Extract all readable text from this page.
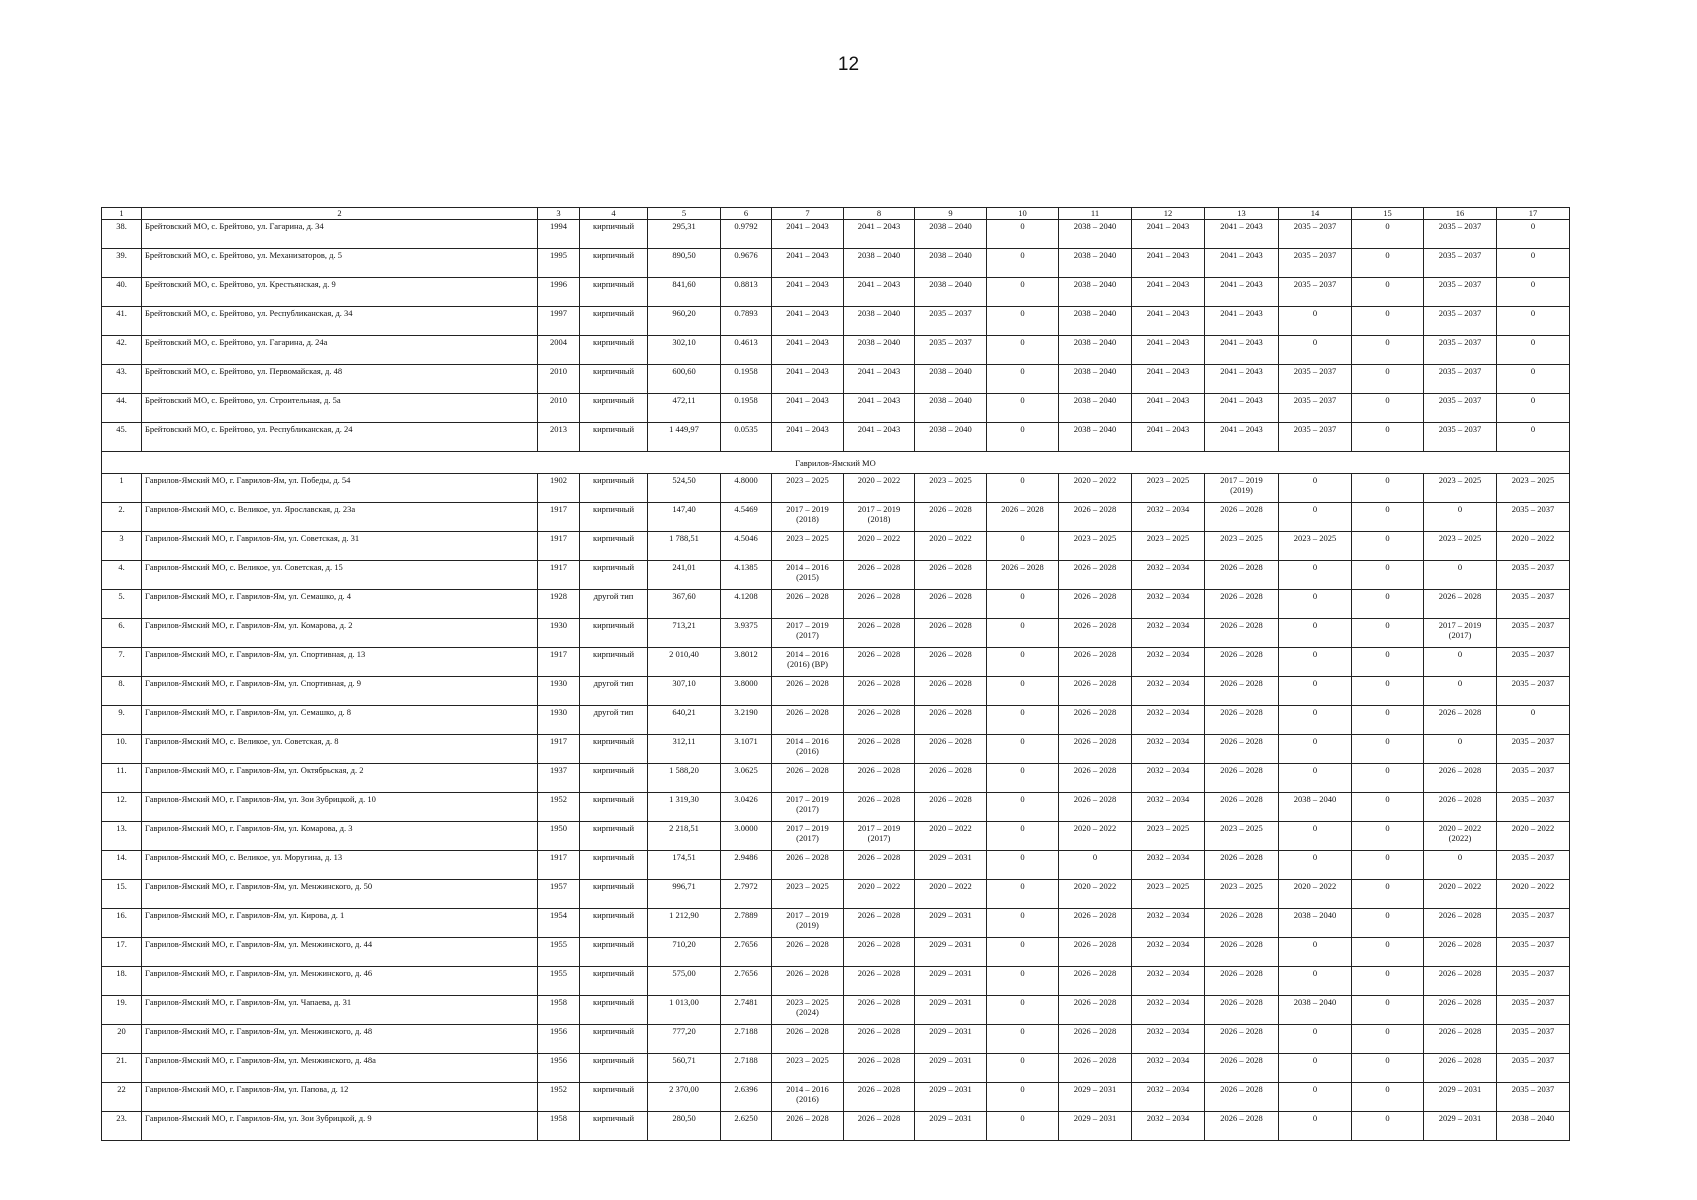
12
1	2	3	4	5	6	7	8	9	10	11	12	13	14	15	16	17
38.	Брейтовский МО, с. Брейтово, ул. Гагарина, д. 34	1994	кирпичный	295,31	0.9792	2041 – 2043	2041 – 2043	2038 – 2040	0	2038 – 2040	2041 – 2043	2041 – 2043	2035 – 2037	0	2035 – 2037	0
39.	Брейтовский МО, с. Брейтово, ул. Механизаторов, д. 5	1995	кирпичный	890,50	0.9676	2041 – 2043	2038 – 2040	2038 – 2040	0	2038 – 2040	2041 – 2043	2041 – 2043	2035 – 2037	0	2035 – 2037	0
40.	Брейтовский МО, с. Брейтово, ул. Крестьянская, д. 9	1996	кирпичный	841,60	0.8813	2041 – 2043	2041 – 2043	2038 – 2040	0	2038 – 2040	2041 – 2043	2041 – 2043	2035 – 2037	0	2035 – 2037	0
41.	Брейтовский МО, с. Брейтово, ул. Республиканская, д. 34	1997	кирпичный	960,20	0.7893	2041 – 2043	2038 – 2040	2035 – 2037	0	2038 – 2040	2041 – 2043	2041 – 2043	0	0	2035 – 2037	0
42.	Брейтовский МО, с. Брейтово, ул. Гагарина, д. 24а	2004	кирпичный	302,10	0.4613	2041 – 2043	2038 – 2040	2035 – 2037	0	2038 – 2040	2041 – 2043	2041 – 2043	0	0	2035 – 2037	0
43.	Брейтовский МО, с. Брейтово, ул. Первомайская, д. 48	2010	кирпичный	600,60	0.1958	2041 – 2043	2041 – 2043	2038 – 2040	0	2038 – 2040	2041 – 2043	2041 – 2043	2035 – 2037	0	2035 – 2037	0
44.	Брейтовский МО, с. Брейтово, ул. Строительная, д. 5а	2010	кирпичный	472,11	0.1958	2041 – 2043	2041 – 2043	2038 – 2040	0	2038 – 2040	2041 – 2043	2041 – 2043	2035 – 2037	0	2035 – 2037	0
45.	Брейтовский МО, с. Брейтово, ул. Республиканская, д. 24	2013	кирпичный	1 449,97	0.0535	2041 – 2043	2041 – 2043	2038 – 2040	0	2038 – 2040	2041 – 2043	2041 – 2043	2035 – 2037	0	2035 – 2037	0
Гаврилов-Ямский МО																
1	Гаврилов-Ямский МО, г. Гаврилов-Ям, ул. Победы, д. 54	1902	кирпичный	524,50	4.8000	2023 – 2025	2020 – 2022	2023 – 2025	0	2020 – 2022	2023 – 2025	2017 – 2019 (2019)	0	0	2023 – 2025	2023 – 2025
2.	Гаврилов-Ямский МО, с. Великое, ул. Ярославская, д. 23а	1917	кирпичный	147,40	4.5469	2017 – 2019 (2018)	2017 – 2019 (2018)	2026 – 2028	2026 – 2028	2026 – 2028	2032 – 2034	2026 – 2028	0	0	0	2035 – 2037
3	Гаврилов-Ямский МО, г. Гаврилов-Ям, ул. Советская, д. 31	1917	кирпичный	1 788,51	4.5046	2023 – 2025	2020 – 2022	2020 – 2022	0	2023 – 2025	2023 – 2025	2023 – 2025	2023 – 2025	0	2023 – 2025	2020 – 2022
4.	Гаврилов-Ямский МО, с. Великое, ул. Советская, д. 15	1917	кирпичный	241,01	4.1385	2014 – 2016 (2015)	2026 – 2028	2026 – 2028	2026 – 2028	2026 – 2028	2032 – 2034	2026 – 2028	0	0	0	2035 – 2037
5.	Гаврилов-Ямский МО, г. Гаврилов-Ям, ул. Семашко, д. 4	1928	другой тип	367,60	4.1208	2026 – 2028	2026 – 2028	2026 – 2028	0	2026 – 2028	2032 – 2034	2026 – 2028	0	0	2026 – 2028	2035 – 2037
6.	Гаврилов-Ямский МО, г. Гаврилов-Ям, ул. Комарова, д. 2	1930	кирпичный	713,21	3.9375	2017 – 2019 (2017)	2026 – 2028	2026 – 2028	0	2026 – 2028	2032 – 2034	2026 – 2028	0	0	2017 – 2019 (2017)	2035 – 2037
7.	Гаврилов-Ямский МО, г. Гаврилов-Ям, ул. Спортивная, д. 13	1917	кирпичный	2 010,40	3.8012	2014 – 2016 (2016) (ВР)	2026 – 2028	2026 – 2028	0	2026 – 2028	2032 – 2034	2026 – 2028	0	0	0	2035 – 2037
8.	Гаврилов-Ямский МО, г. Гаврилов-Ям, ул. Спортивная, д. 9	1930	другой тип	307,10	3.8000	2026 – 2028	2026 – 2028	2026 – 2028	0	2026 – 2028	2032 – 2034	2026 – 2028	0	0	0	2035 – 2037
9.	Гаврилов-Ямский МО, г. Гаврилов-Ям, ул. Семашко, д. 8	1930	другой тип	640,21	3.2190	2026 – 2028	2026 – 2028	2026 – 2028	0	2026 – 2028	2032 – 2034	2026 – 2028	0	0	2026 – 2028	0
10.	Гаврилов-Ямский МО, с. Великое, ул. Советская, д. 8	1917	кирпичный	312,11	3.1071	2014 – 2016 (2016)	2026 – 2028	2026 – 2028	0	2026 – 2028	2032 – 2034	2026 – 2028	0	0	0	2035 – 2037
11.	Гаврилов-Ямский МО, г. Гаврилов-Ям, ул. Октябрьская, д. 2	1937	кирпичный	1 588,20	3.0625	2026 – 2028	2026 – 2028	2026 – 2028	0	2026 – 2028	2032 – 2034	2026 – 2028	0	0	2026 – 2028	2035 – 2037
12.	Гаврилов-Ямский МО, г. Гаврилов-Ям, ул. Зои Зубрицкой, д. 10	1952	кирпичный	1 319,30	3.0426	2017 – 2019 (2017)	2026 – 2028	2026 – 2028	0	2026 – 2028	2032 – 2034	2026 – 2028	2038 – 2040	0	2026 – 2028	2035 – 2037
13.	Гаврилов-Ямский МО, г. Гаврилов-Ям, ул. Комарова, д. 3	1950	кирпичный	2 218,51	3.0000	2017 – 2019 (2017)	2017 – 2019 (2017)	2020 – 2022	0	2020 – 2022	2023 – 2025	2023 – 2025	0	0	2020 – 2022 (2022)	2020 – 2022
14.	Гаврилов-Ямский МО, с. Великое, ул. Моругина, д. 13	1917	кирпичный	174,51	2.9486	2026 – 2028	2026 – 2028	2029 – 2031	0	0	2032 – 2034	2026 – 2028	0	0	0	2035 – 2037
15.	Гаврилов-Ямский МО, г. Гаврилов-Ям, ул. Менжинского, д. 50	1957	кирпичный	996,71	2.7972	2023 – 2025	2020 – 2022	2020 – 2022	0	2020 – 2022	2023 – 2025	2023 – 2025	2020 – 2022	0	2020 – 2022	2020 – 2022
16.	Гаврилов-Ямский МО, г. Гаврилов-Ям, ул. Кирова, д. 1	1954	кирпичный	1 212,90	2.7889	2017 – 2019 (2019)	2026 – 2028	2029 – 2031	0	2026 – 2028	2032 – 2034	2026 – 2028	2038 – 2040	0	2026 – 2028	2035 – 2037
17.	Гаврилов-Ямский МО, г. Гаврилов-Ям, ул. Менжинского, д. 44	1955	кирпичный	710,20	2.7656	2026 – 2028	2026 – 2028	2029 – 2031	0	2026 – 2028	2032 – 2034	2026 – 2028	0	0	2026 – 2028	2035 – 2037
18.	Гаврилов-Ямский МО, г. Гаврилов-Ям, ул. Менжинского, д. 46	1955	кирпичный	575,00	2.7656	2026 – 2028	2026 – 2028	2029 – 2031	0	2026 – 2028	2032 – 2034	2026 – 2028	0	0	2026 – 2028	2035 – 2037
19.	Гаврилов-Ямский МО, г. Гаврилов-Ям, ул. Чапаева, д. 31	1958	кирпичный	1 013,00	2.7481	2023 – 2025 (2024)	2026 – 2028	2029 – 2031	0	2026 – 2028	2032 – 2034	2026 – 2028	2038 – 2040	0	2026 – 2028	2035 – 2037
20	Гаврилов-Ямский МО, г. Гаврилов-Ям, ул. Менжинского, д. 48	1956	кирпичный	777,20	2.7188	2026 – 2028	2026 – 2028	2029 – 2031	0	2026 – 2028	2032 – 2034	2026 – 2028	0	0	2026 – 2028	2035 – 2037
21.	Гаврилов-Ямский МО, г. Гаврилов-Ям, ул. Менжинского, д. 48а	1956	кирпичный	560,71	2.7188	2023 – 2025	2026 – 2028	2029 – 2031	0	2026 – 2028	2032 – 2034	2026 – 2028	0	0	2026 – 2028	2035 – 2037
22	Гаврилов-Ямский МО, г. Гаврилов-Ям, ул. Папова, д. 12	1952	кирпичный	2 370,00	2.6396	2014 – 2016 (2016)	2026 – 2028	2029 – 2031	0	2029 – 2031	2032 – 2034	2026 – 2028	0	0	2029 – 2031	2035 – 2037
23.	Гаврилов-Ямский МО, г. Гаврилов-Ям, ул. Зои Зубрицкой, д. 9	1958	кирпичный	280,50	2.6250	2026 – 2028	2026 – 2028	2029 – 2031	0	2029 – 2031	2032 – 2034	2026 – 2028	0	0	2029 – 2031	2038 – 2040
